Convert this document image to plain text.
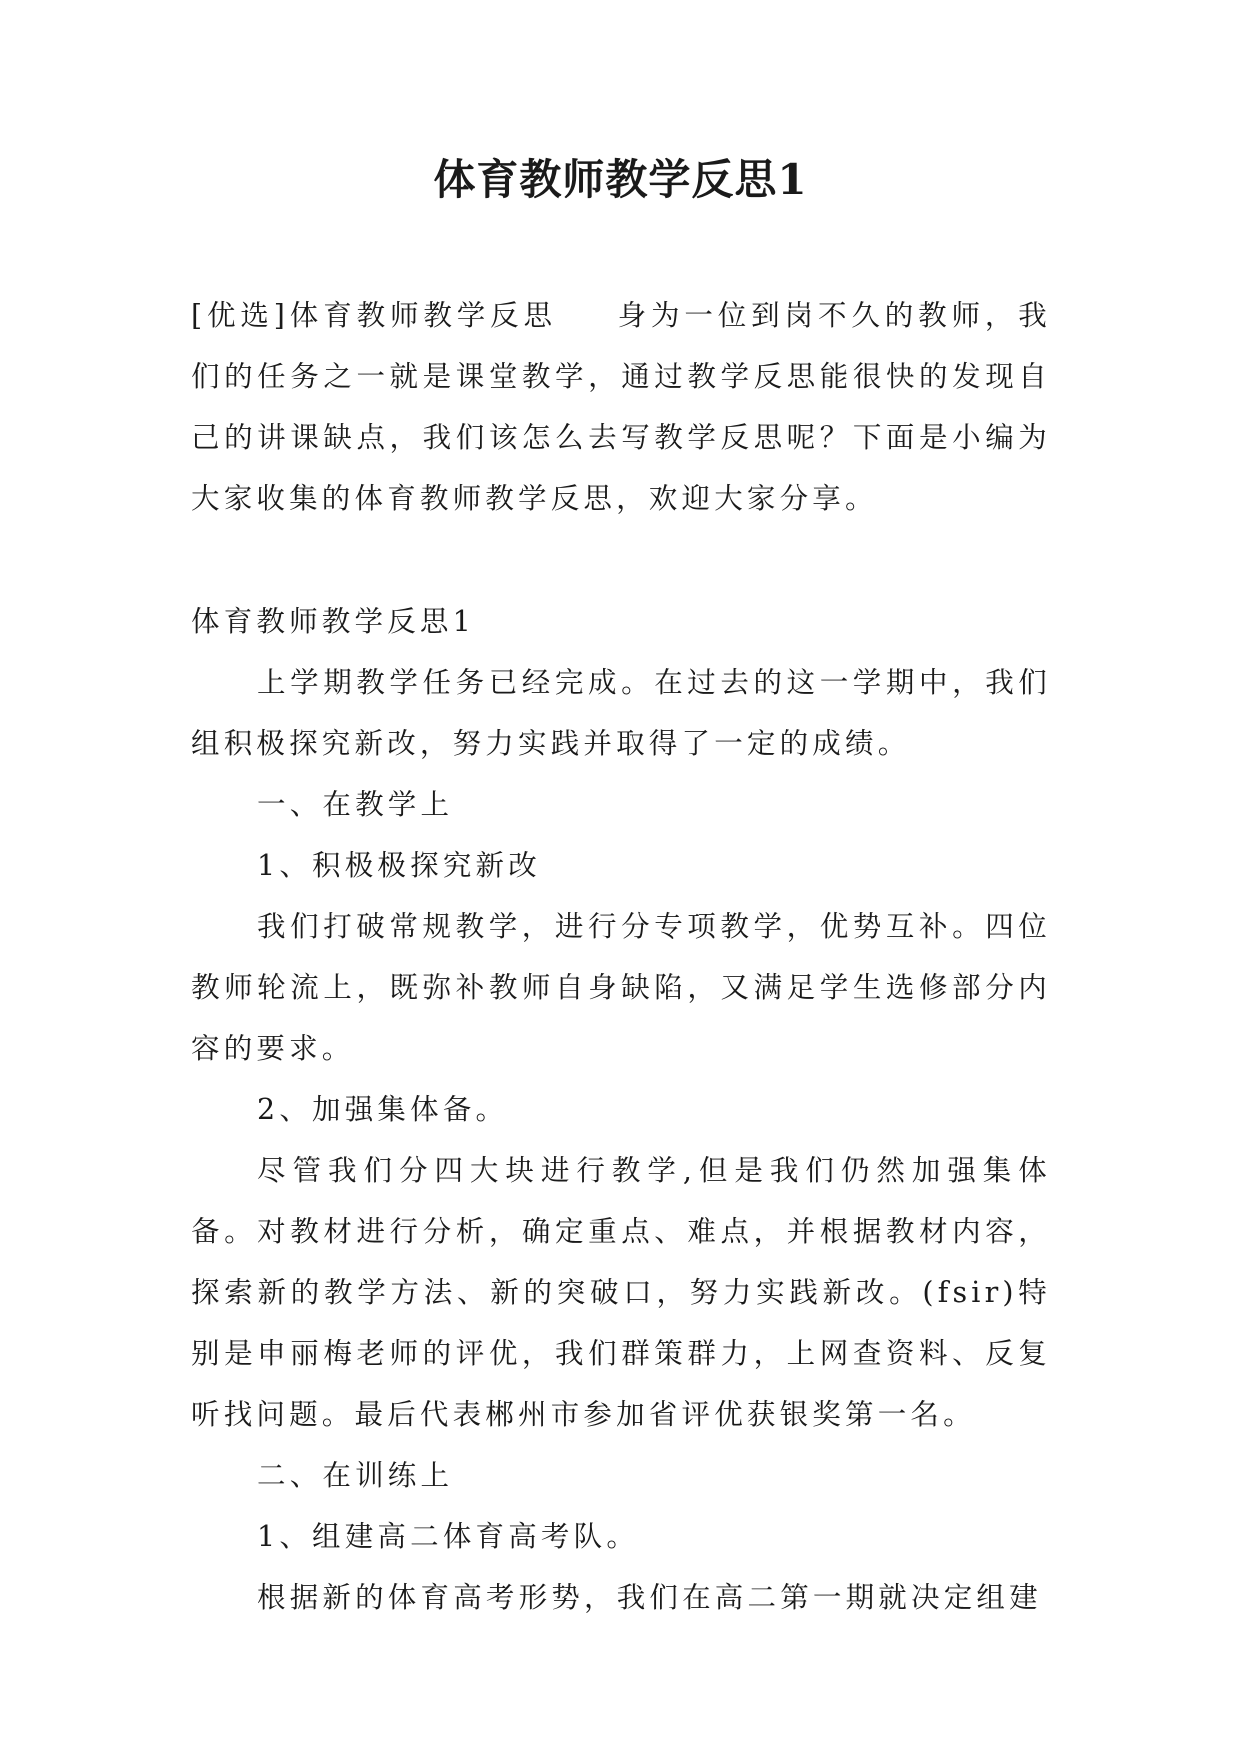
体育教师教学反思1

[优选]体育教师教学反思 身为一位到岗不久的教师，我们的任务之一就是课堂教学，通过教学反思能很快的发现自己的讲课缺点，我们该怎么去写教学反思呢？下面是小编为大家收集的体育教师教学反思，欢迎大家分享。

体育教师教学反思1

上学期教学任务已经完成。在过去的这一学期中，我们组积极探究新改，努力实践并取得了一定的成绩。

一、在教学上

1、积极极探究新改

我们打破常规教学，进行分专项教学，优势互补。四位教师轮流上，既弥补教师自身缺陷，又满足学生选修部分内容的要求。

2、加强集体备。

尽管我们分四大块进行教学,但是我们仍然加强集体备。对教材进行分析，确定重点、难点，并根据教材内容，探索新的教学方法、新的突破口，努力实践新改。(fsir)特别是申丽梅老师的评优，我们群策群力，上网查资料、反复听找问题。最后代表郴州市参加省评优获银奖第一名。

二、在训练上

1、组建高二体育高考队。

根据新的体育高考形势，我们在高二第一期就决定组建
